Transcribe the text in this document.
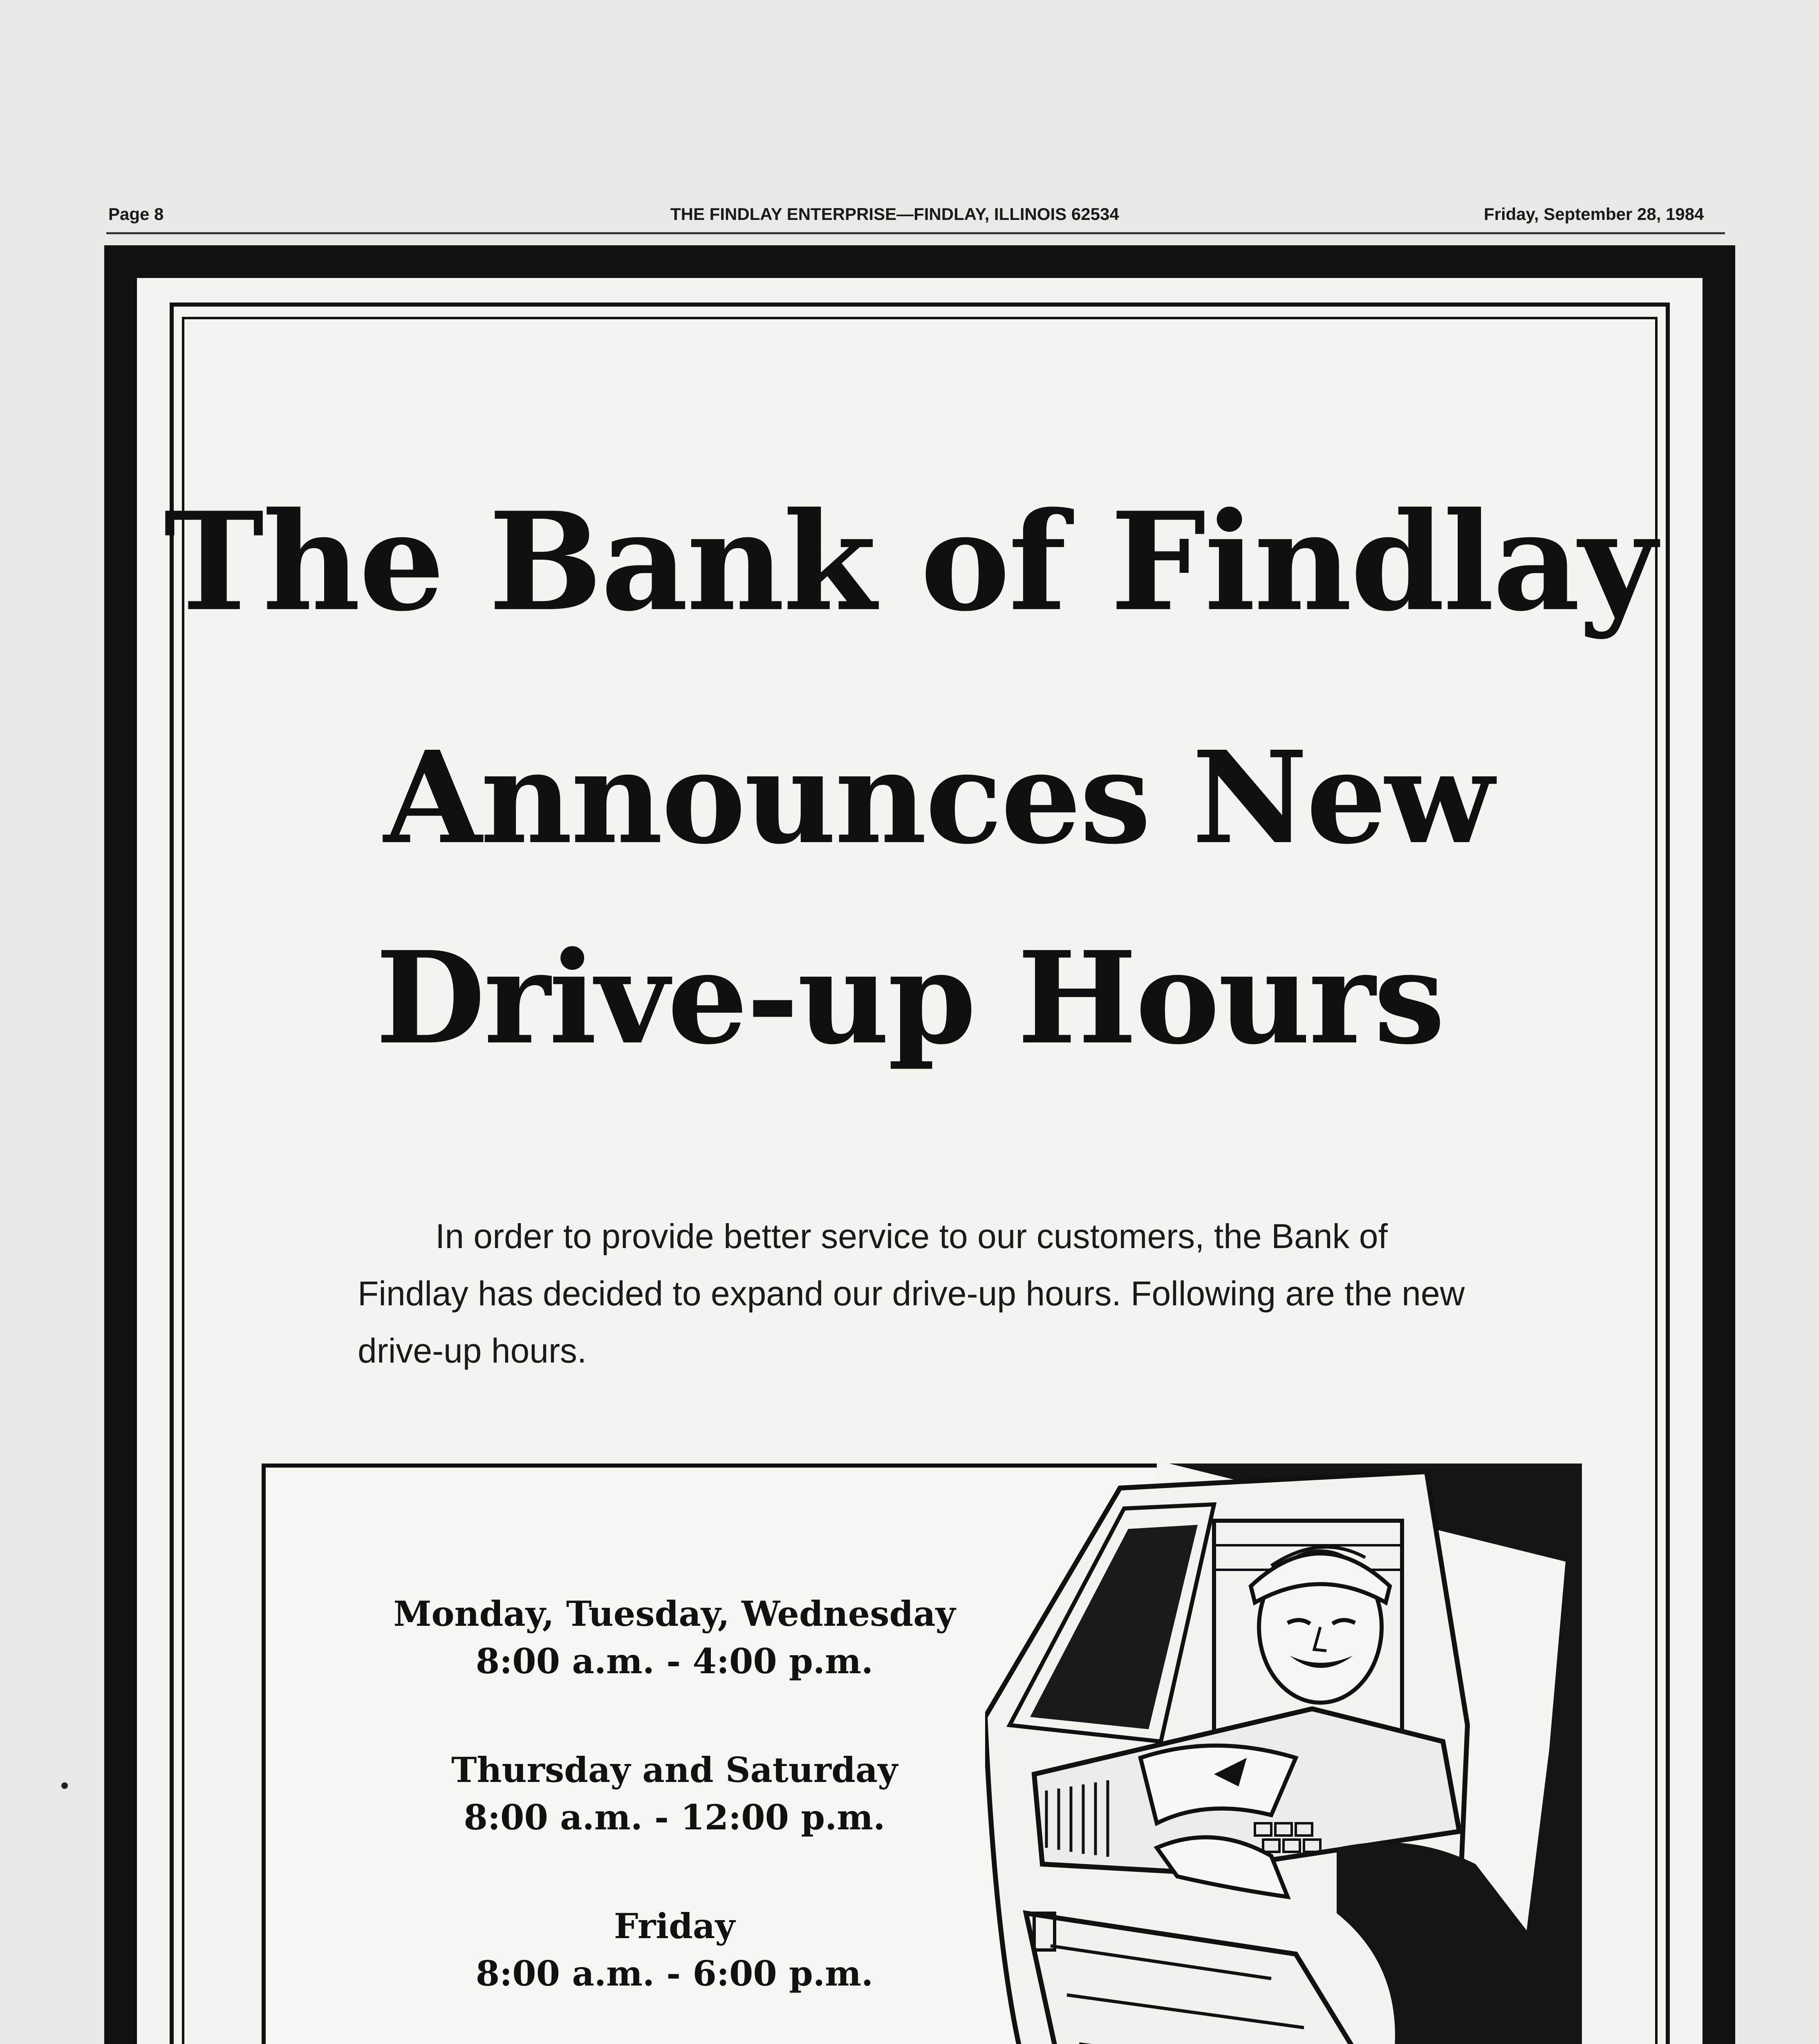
Page 8	THE FINDLAY ENTERPRISE—FINDLAY, ILLINOIS 62534	Friday, September 28, 1984
The Bank of Findlay
Announces New
Drive-up Hours

In order to provide better service to our customers, the Bank of Findlay has decided to expand our drive-up hours. Following are the new drive-up hours.

Monday, Tuesday, Wednesday
8:00 a.m. - 4:00 p.m.
Thursday and Saturday
8:00 a.m. - 12:00 p.m.
Friday
8:00 a.m. - 6:00 p.m.
